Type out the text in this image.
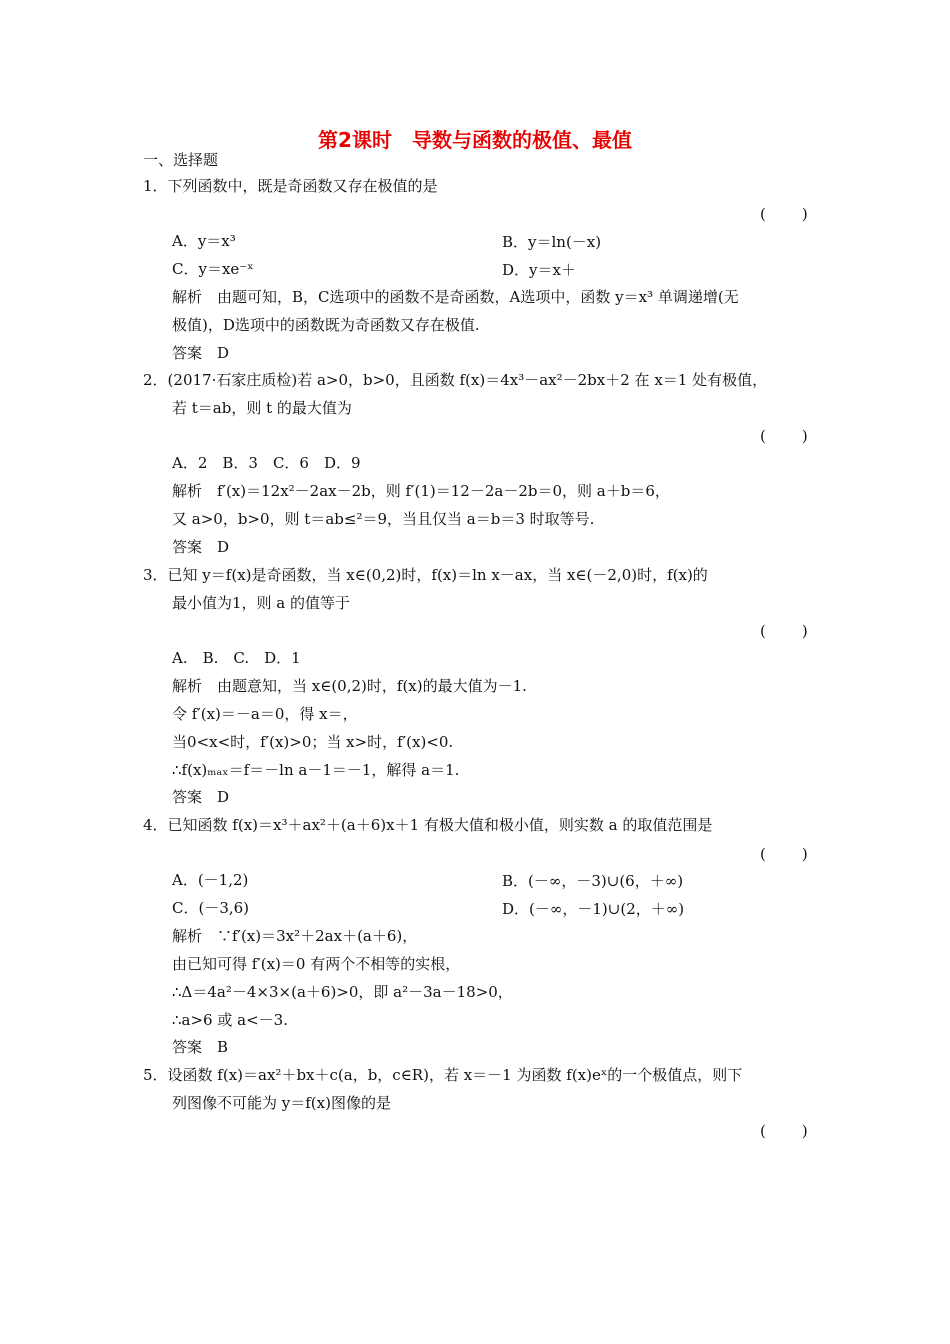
第2课时　导数与函数的极值、最值
一、选择题
1．下列函数中，既是奇函数又存在极值的是
(　　)
A．y＝x³	B．y＝ln(－x)
C．y＝xe⁻ˣ	D．y＝x＋
解析　由题可知，B，C选项中的函数不是奇函数，A选项中，函数 y＝x³ 单调递增(无
极值)，D选项中的函数既为奇函数又存在极值.
答案　D
2．(2017·石家庄质检)若 a>0，b>0，且函数 f(x)＝4x³－ax²－2bx＋2 在 x＝1 处有极值，
若 t＝ab，则 t 的最大值为
(　　)
A．2　B．3　C．6　D．9
解析　f′(x)＝12x²－2ax－2b，则 f′(1)＝12－2a－2b＝0，则 a＋b＝6，
又 a>0，b>0，则 t＝ab≤²＝9，当且仅当 a＝b＝3 时取等号.
答案　D
3．已知 y＝f(x)是奇函数，当 x∈(0,2)时，f(x)＝ln x－ax，当 x∈(－2,0)时，f(x)的
最小值为1，则 a 的值等于
(　　)
A.　B.　C.　D．1
解析　由题意知，当 x∈(0,2)时，f(x)的最大值为－1.
令 f′(x)＝－a＝0，得 x＝，
当0<x<时，f′(x)>0；当 x>时，f′(x)<0.
∴f(x)ₘₐₓ＝f＝－ln a－1＝－1，解得 a＝1.
答案　D
4．已知函数 f(x)＝x³＋ax²＋(a＋6)x＋1 有极大值和极小值，则实数 a 的取值范围是
(　　)
A．(－1,2)	B．(－∞，－3)∪(6，＋∞)
C．(－3,6)	D．(－∞，－1)∪(2，＋∞)
解析　∵f′(x)＝3x²＋2ax＋(a＋6)，
由已知可得 f′(x)＝0 有两个不相等的实根，
∴Δ＝4a²－4×3×(a＋6)>0，即 a²－3a－18>0，
∴a>6 或 a<－3.
答案　B
5．设函数 f(x)＝ax²＋bx＋c(a，b，c∈R)，若 x＝－1 为函数 f(x)eˣ的一个极值点，则下
列图像不可能为 y＝f(x)图像的是
(　　)
